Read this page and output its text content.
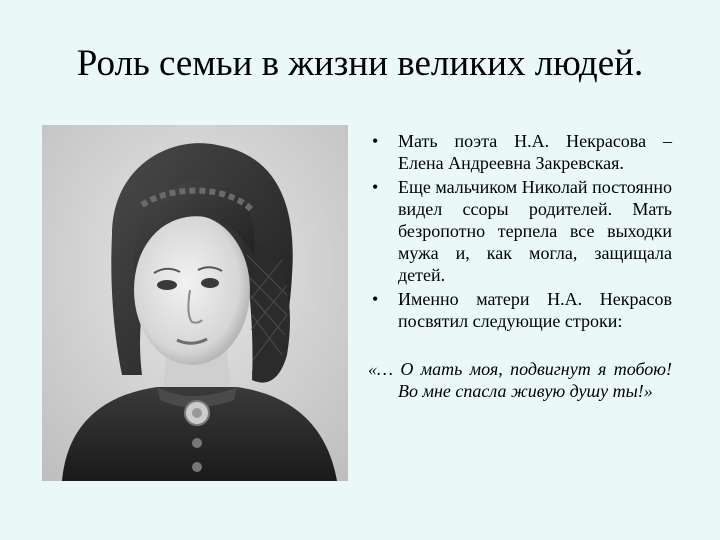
Роль семьи в жизни великих людей.
• Мать поэта Н.А. Некрасова – Елена Андреевна Закревская.
• Еще мальчиком Николай постоянно видел ссоры родителей. Мать безропотно терпела все выходки мужа и, как могла, защищала детей.
• Именно матери Н.А. Некрасов посвятил следующие строки:
«… О мать моя, подвигнут я тобою! Во мне спасла живую душу ты!»
